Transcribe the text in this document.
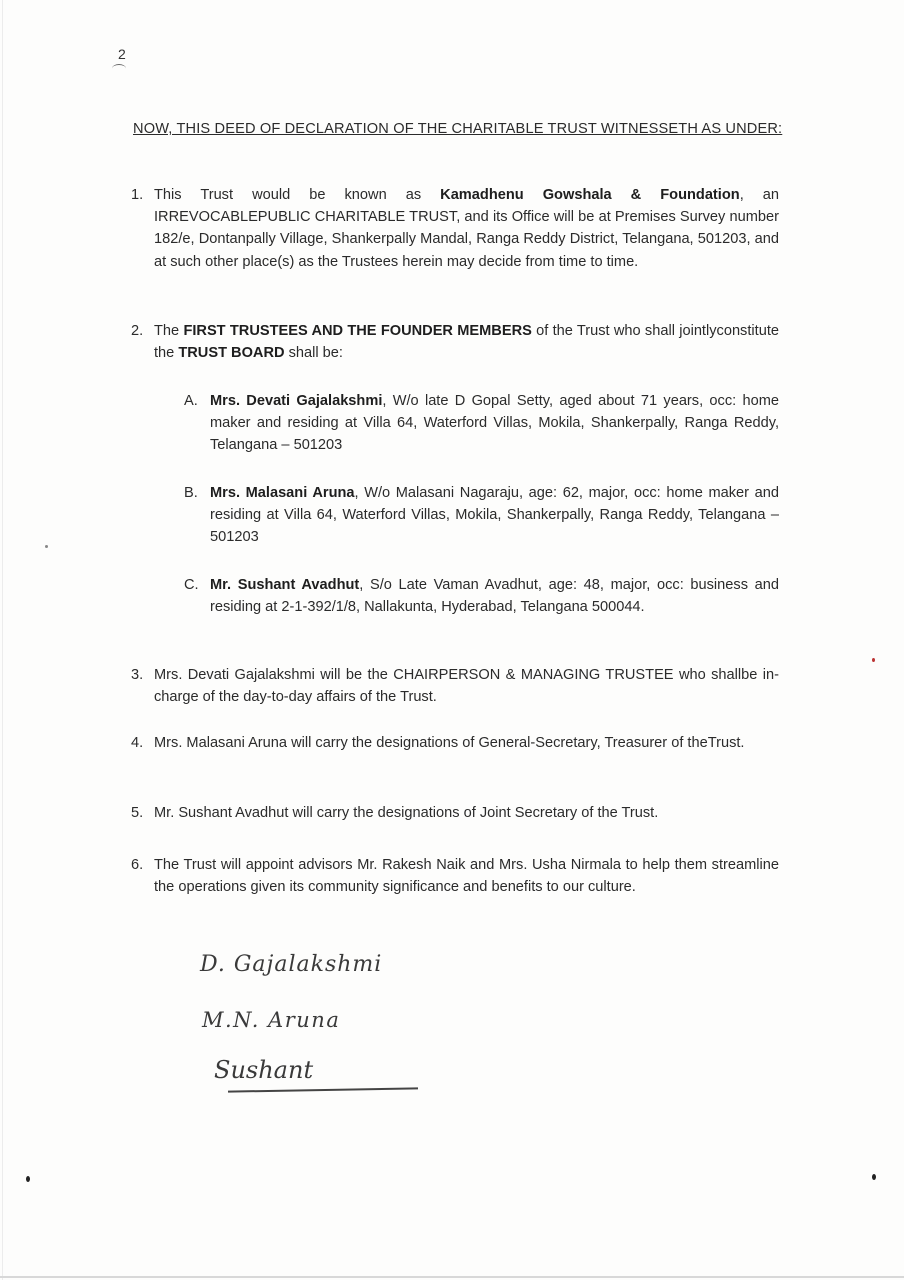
2
NOW, THIS DEED OF DECLARATION OF THE CHARITABLE TRUST WITNESSETH AS UNDER:
1. This Trust would be known as Kamadhenu Gowshala & Foundation, an IRREVOCABLEPUBLIC CHARITABLE TRUST, and its Office will be at Premises Survey number 182/e, Dontanpally Village, Shankerpally Mandal, Ranga Reddy District, Telangana, 501203, and at such other place(s) as the Trustees herein may decide from time to time.
2. The FIRST TRUSTEES AND THE FOUNDER MEMBERS of the Trust who shall jointlyconstitute the TRUST BOARD shall be:
A. Mrs. Devati Gajalakshmi, W/o late D Gopal Setty, aged about 71 years, occ: home maker and residing at Villa 64, Waterford Villas, Mokila, Shankerpally, Ranga Reddy, Telangana – 501203
B. Mrs. Malasani Aruna, W/o Malasani Nagaraju, age: 62, major, occ: home maker and residing at Villa 64, Waterford Villas, Mokila, Shankerpally, Ranga Reddy, Telangana – 501203
C. Mr. Sushant Avadhut, S/o Late Vaman Avadhut, age: 48, major, occ: business and residing at 2-1-392/1/8, Nallakunta, Hyderabad, Telangana 500044.
3. Mrs. Devati Gajalakshmi will be the CHAIRPERSON & MANAGING TRUSTEE who shallbe in-charge of the day-to-day affairs of the Trust.
4. Mrs. Malasani Aruna will carry the designations of General-Secretary, Treasurer of theTrust.
5. Mr. Sushant Avadhut will carry the designations of Joint Secretary of the Trust.
6. The Trust will appoint advisors Mr. Rakesh Naik and Mrs. Usha Nirmala to help them streamline the operations given its community significance and benefits to our culture.
D. Gajalakshmi
M.N. Aruna
Sushant
